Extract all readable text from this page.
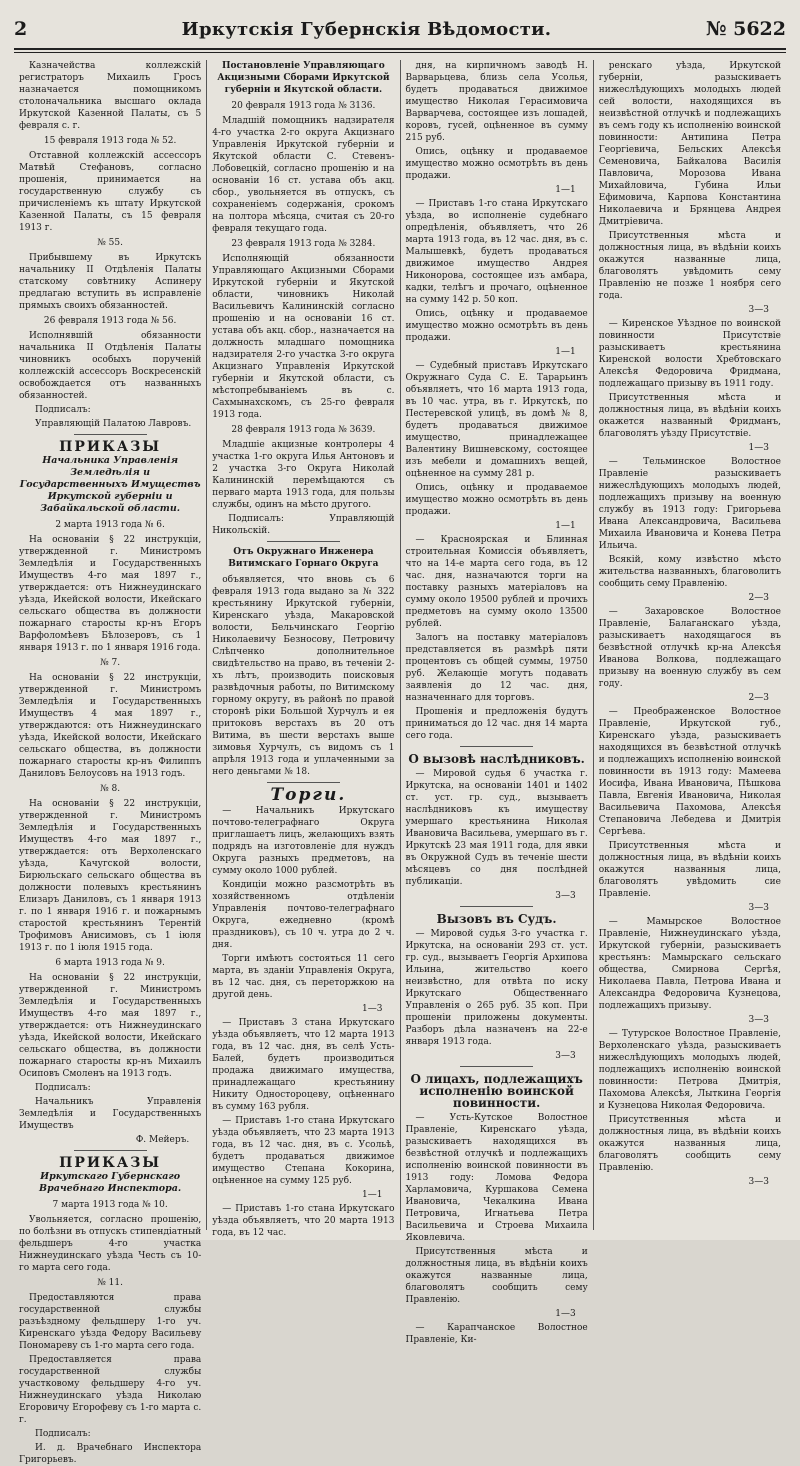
2	Иркутскія Губернскія Вѣдомости.	№ 5622

Казначейства коллежскій регистраторъ Михаилъ Гросъ назначается помощникомъ столоначальника высшаго оклада Иркутской Казенной Палаты, съ 5 февраля с. г.

15 февраля 1913 года № 52.

Отставной коллежскій ассессоръ Матвѣй Стефановъ, согласно прошенія, принимается на государственную службу съ причисленіемъ къ штату Иркутской Казенной Палаты, съ 15 февраля 1913 г.

№ 55.

Прибывшему въ Иркутскъ начальнику II Отдѣленія Палаты статскому совѣтнику Аспинеру предлагаю вступить въ исправленіе прямыхъ своихъ обязанностей.

26 февраля 1913 года № 56.

Исполнявшій обязанности начальника II Отдѣленія Палаты чиновникъ особыхъ порученій коллежскій ассессоръ Воскресенскій освобождается отъ названныхъ обязанностей.

Подписалъ:

Управляющій Палатою Лавровъ.

ПРИКАЗЫ

Начальника Управленія Земледѣлія и Государственныхъ Имуществъ Иркутской губерніи и Забайкальской области.

2 марта 1913 года № 6.

На основаніи § 22 инструкціи, утвержденной г. Министромъ Земледѣлія и Государственныхъ Имуществъ 4-го мая 1897 г., утверждается: отъ Нижнеудинскаго уѣзда, Икейской волости, Икейскаго сельскаго общества въ должности пожарнаго старосты кр-нъ Егоръ Варфоломѣевъ Бѣлозеровъ, съ 1 января 1913 г. по 1 января 1916 года.

№ 7.

На основаніи § 22 инструкціи, утвержденной г. Министромъ Земледѣлія и Государственныхъ Имуществъ 4 мая 1897 г., утверждаются: отъ Нижнеудинскаго уѣзда, Икейской волости, Икейскаго сельскаго общества, въ должности пожарнаго старосты кр-нъ Филиппъ Даниловъ Белоусовъ на 1913 годъ.

№ 8.

На основаніи § 22 инструкціи, утвержденной г. Министромъ Земледѣлія и Государственныхъ Имуществъ 4-го мая 1897 г., утверждается: отъ Верхоленскаго уѣзда, Качугской волости, Бирюльскаго сельскаго общества въ должности полевыхъ крестьянинъ Елизаръ Даниловъ, съ 1 января 1913 г. по 1 января 1916 г. и пожарнымъ старостой крестьянинъ Терентій Трофимовъ Анисимовъ, съ 1 іюля 1913 г. по 1 іюля 1915 года.

6 марта 1913 года № 9.

На основаніи § 22 инструкціи, утвержденной г. Министромъ Земледѣлія и Государственныхъ Имуществъ 4-го мая 1897 г., утверждается: отъ Нижнеудинскаго уѣзда, Икейской волости, Икейскаго сельскаго общества, въ должности пожарнаго старосты кр-нъ Михаилъ Осиповъ Смоленъ на 1913 годъ.

Подписалъ:

Начальникъ Управленія Земледѣлія и Государственныхъ Имуществъ

Ф. Мейеръ.

ПРИКАЗЫ

Иркутскаго Губернскаго Врачебнаго Инспектора.

7 марта 1913 года № 10.

Увольняется, согласно прошенію, по болѣзни въ отпускъ стипендіатный фельдшеръ 4-го участка Нижнеудинскаго уѣзда Честь съ 10-го марта сего года.

№ 11.

Предоставляются права государственной службы разъѣздному фельдшеру 1-го уч. Киренскаго уѣзда Федору Васильеву Пономареву съ 1-го марта сего года.

Предоставляется права государственной службы участковому фельдшеру 4-го уч. Нижнеудинскаго уѣзда Николаю Егоровичу Егорофеву съ 1-го марта с. г.

Подписалъ:

И. д. Врачебнаго Инспектора Григорьевъ.

Постановленіе Управляющаго Акцизными Сборами Иркутской губерніи и Якутской области.

20 февраля 1913 года № 3136.

Младшій помощникъ надзирателя 4-го участка 2-го округа Акцизнаго Управленія Иркутской губерніи и Якутской области С. Стевенъ-Лобовецкій, согласно прошенію и на основаніи 16 ст. устава объ акц. сбор., увольняется въ отпускъ, съ сохраненіемъ содержанія, срокомъ на полтора мѣсяца, считая съ 20-го февраля текущаго года.

23 февраля 1913 года № 3284.

Исполняющій обязанности Управляющаго Акцизными Сборами Иркутской губерніи и Якутской области, чиновникъ Николай Васильевичъ Калининскій согласно прошенію и на основаніи 16 ст. устава объ акц. сбор., назначается на должность младшаго помощника надзирателя 2-го участка 3-го округа Акцизнаго Управленія Иркутской губерніи и Якутской области, съ мѣстопребываніемъ въ с. Сахмынахскомъ, съ 25-го февраля 1913 года.

28 февраля 1913 года № 3639.

Младшіе акцизные контролеры 4 участка 1-го округа Илья Антоновъ и 2 участка 3-го Округа Николай Калининскій перемѣщаются съ перваго марта 1913 года, для пользы службы, одинъ на мѣсто другого.

Подписалъ: Управляющій Никольскій.

Отъ Окружнаго Инженера Витимскаго Горнаго Округа

объявляется, что вновь съ 6 февраля 1913 года выдано за № 322 крестьянину Иркутской губерніи, Киренскаго уѣзда, Макаровской волости, Бельчинскаго Георгію Николаевичу Безносову, Петровичу Слѣпченко дополнительное свидѣтельство на право, въ теченіи 2-хъ лѣтъ, производить поисковыя развѣдочныя работы, по Витимскому горному округу, въ районѣ по правой сторонѣ ріки Большой Хурчулъ и ея притоковъ верстахъ въ 20 отъ Витима, въ шести верстахъ выше зимовья Хурчулъ, съ видомъ съ 1 апрѣля 1913 года и уплаченными за него деньгами № 18.

Торги.

— Начальникъ Иркутскаго почтово-телеграфнаго Округа приглашаетъ лицъ, желающихъ взять подрядъ на изготовленіе для нуждъ Округа разныхъ предметовъ, на сумму около 1000 рублей.

Кондиціи можно разсмотрѣть въ хозяйственномъ отдѣленіи Управленія почтово-телеграфнаго Округа, ежедневно (кромѣ праздниковъ), съ 10 ч. утра до 2 ч. дня.

Торги имѣютъ состояться 11 сего марта, въ зданіи Управленія Округа, въ 12 час. дня, съ переторжкою на другой день.

1—3

— Приставъ 3 стана Иркутскаго уѣзда объявляетъ, что 12 марта 1913 года, въ 12 час. дня, въ селѣ Усть-Балей, будетъ производиться продажа движимаго имущества, принадлежащаго крестьянину Никиту Одностороцеву, оцѣненнаго въ сумму 163 рубля.

— Приставъ 1-го стана Иркутскаго уѣзда объявляетъ, что 23 марта 1913 года, въ 12 час. дня, въ с. Усольѣ, будетъ продаваться движимое имущество Степана Кокорина, оцѣненное на сумму 125 руб.

1—1

— Приставъ 1-го стана Иркутскаго уѣзда объявляетъ, что 20 марта 1913 года, въ 12 час.

дня, на кирпичномъ заводѣ Н. Варварьцева, близь села Усолья, будетъ продаваться движимое имущество Николая Герасимовича Варварчева, состоящее изъ лошадей, коровъ, гусей, оцѣненное въ сумму 215 руб.

Опись, оцѣнку и продаваемое имущество можно осмотрѣть въ день продажи.

1—1

— Приставъ 1-го стана Иркутскаго уѣзда, во исполненіе судебнаго опредѣленія, объявляетъ, что 26 марта 1913 года, въ 12 час. дня, въ с. Малышевкѣ, будетъ продаваться движимое имущество Андрея Никонорова, состоящее изъ амбара, кадки, телѣгъ и прочаго, оцѣненное на сумму 142 р. 50 коп.

Опись, оцѣнку и продаваемое имущество можно осмотрѣть въ день продажи.

1—1

— Судебный приставъ Иркутскаго Окружнаго Суда С. Е. Тарарьинъ объявляетъ, что 16 марта 1913 года, въ 10 час. утра, въ г. Иркутскѣ, по Пестеревской улицѣ, въ домѣ № 8, будетъ продаваться движимое имущество, принадлежащее Валентину Вишневскому, состоящее изъ мебели и домашнихъ вещей, оцѣненное на сумму 281 р.

Опись, оцѣнку и продаваемое имущество можно осмотрѣть въ день продажи.

1—1

— Красноярская и Блинная строительная Комиссія объявляетъ, что на 14-е марта сего года, въ 12 час. дня, назначаются торги на поставку разныхъ матеріаловъ на сумму около 19500 рублей и прочихъ предметовъ на сумму около 13500 рублей.

Залогъ на поставку матеріаловъ представляется въ размѣрѣ пяти процентовъ съ общей суммы, 19750 руб. Желающіе могутъ подавать заявленія до 12 час. дня, назначеннаго для торговъ.

Прошенія и предложенія будутъ приниматься до 12 час. дня 14 марта сего года.

О вызовѣ наслѣдниковъ.

— Мировой судья 6 участка г. Иркутска, на основаніи 1401 и 1402 ст. уст. гр. суд., вызываетъ наслѣдниковъ къ имуществу умершаго крестьянина Николая Ивановича Васильева, умершаго въ г. Иркутскѣ 23 мая 1911 года, для явки въ Окружной Судъ въ теченіе шести мѣсяцевъ со дня послѣдней публикаціи.

3—3

Вызовъ въ Судъ.

— Мировой судья 3-го участка г. Иркутска, на основаніи 293 ст. уст. гр. суд., вызываетъ Георгія Архипова Ильина, жительство коего неизвѣстно, для отвѣта по иску Иркутскаго Общественнаго Управленія о 265 руб. 35 коп. При прошеніи приложены документы. Разборъ дѣла назначенъ на 22-е января 1913 года.

3—3

О лицахъ, подлежащихъ исполненію воинской повинности.

— Усть-Кутское Волостное Правленіе, Киренскаго уѣзда, разыскиваетъ находящихся въ безвѣстной отлучкѣ и подлежащихъ исполненію воинской повинности въ 1913 году: Ломова Федора Харламовича, Куршакова Семена Ивановича, Чекалкина Ивана Петровича, Игнатьева Петра Васильевича и Строева Михаила Яковлевича.

Присутственныя мѣста и должностныя лица, въ вѣдѣніи коихъ окажутся названные лица, благоволятъ сообщить сему Правленію.

1—3

— Карапчанское Волостное Правленіе, Ки-

ренскаго уѣзда, Иркутской губерніи, разыскиваетъ нижеслѣдующихъ молодыхъ людей сей волости, находящихся въ неизвѣстной отлучкѣ и подлежащихъ въ семъ году къ исполненію воинской повинности: Антипина Петра Георгіевича, Бельских Алексѣя Семеновича, Байкалова Василія Павловича, Морозова Ивана Михайловича, Губина Ильи Ефимовича, Карпова Константина Николаевича и Брянцева Андрея Дмитріевича.

Присутственныя мѣста и должностныя лица, въ вѣдѣніи коихъ окажутся названные лица, благоволятъ увѣдомить сему Правленію не позже 1 ноября сего года.

3—3

— Киренское Уѣздное по воинской повинности Присутствіе разыскиваетъ крестьянина Киренской волости Хребтовскаго Алексѣя Федоровича Фридмана, подлежащаго призыву въ 1911 году.

Присутственныя мѣста и должностныя лица, въ вѣдѣніи коихъ окажется названный Фридманъ, благоволятъ уѣзду Присутствіе.

1—3

— Тельминское Волостное Правленіе разыскиваетъ нижеслѣдующихъ молодыхъ людей, подлежащихъ призыву на военную службу въ 1913 году: Григорьева Ивана Александровича, Васильева Михаила Ивановича и Конева Петра Ильича.

Всякій, кому извѣстно мѣсто жительства названныхъ, благоволитъ сообщить сему Правленію.

2—3

— Захаровское Волостное Правленіе, Балаганскаго уѣзда, разыскиваетъ находящагося въ безвѣстной отлучкѣ кр-на Алексѣя Иванова Волкова, подлежащаго призыву на военную службу въ сем году.

2—3

— Преображенское Волостное Правленіе, Иркутской губ., Киренскаго уѣзда, разыскиваетъ находящихся въ безвѣстной отлучкѣ и подлежащихъ исполненію воинской повинности въ 1913 году: Мамеева Иосифа, Ивана Ивановича, Пѣшкова Павла, Евгенія Ивановича, Николая Васильевича Пахомова, Алексѣя Степановича Лебедева и Дмитрія Сергѣева.

Присутственныя мѣста и должностныя лица, въ вѣдѣніи коихъ окажутся названныя лица, благоволятъ увѣдомить сие Правленіе.

3—3

— Мамырское Волостное Правленіе, Нижнеудинскаго уѣзда, Иркутской губерніи, разыскиваетъ крестьянъ: Мамырскаго сельскаго общества, Смирнова Сергѣя, Николаева Павла, Петрова Ивана и Александра Федоровича Кузнецова, подлежащихъ призыву.

3—3

— Тутурское Волостное Правленіе, Верхоленскаго уѣзда, разыскиваетъ нижеслѣдующихъ молодыхъ людей, подлежащихъ исполненію воинской повинности: Петрова Дмитрія, Пахомова Алексѣя, Лыткина Георгія и Кузнецова Николая Федоровича.

Присутственныя мѣста и должностныя лица, въ вѣдѣніи коихъ окажутся названныя лица, благоволятъ сообщить сему Правленію.

3—3
